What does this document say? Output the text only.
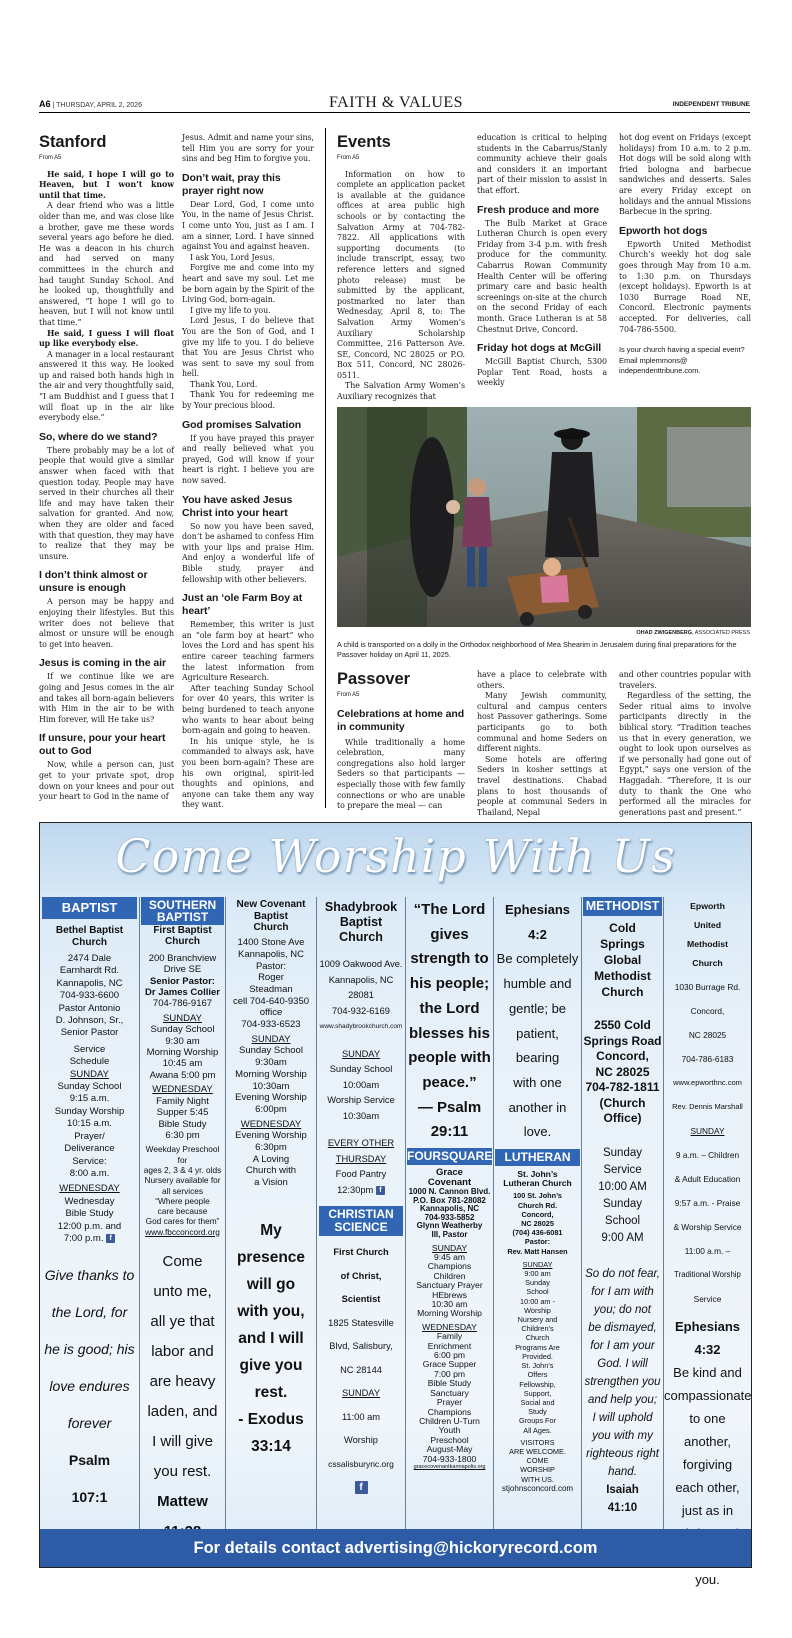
A6 | THURSDAY, APRIL 2, 2026	FAITH & VALUES	INDEPENDENT TRIBUNE
Stanford
From A5

He said, I hope I will go to Heaven, but I won’t know until that time.

A dear friend who was a little older than me, and was close like a brother, gave me these words several years ago before he died. He was a deacon in his church and had served on many committees in the church and had taught Sunday School. And he looked up, thoughtfully and answered, “I hope I will go to heaven, but I will not know until that time.”

He said, I guess I will float up like everybody else.

A manager in a local restaurant answered it this way. He looked up and raised both hands high in the air and very thoughtfully said, “I am Buddhist and I guess that I will float up in the air like everybody else.”

So, where do we stand?

There probably may be a lot of people that would give a similar answer when faced with that question today. People may have served in their churches all their life and may have taken their salvation for granted. And now, when they are older and faced with that question, they may have to realize that they may be unsure.

I don’t think almost or unsure is enough

A person may be happy and enjoying their lifestyles. But this writer does not believe that almost or unsure will be enough to get into heaven.

Jesus is coming in the air

If we continue like we are going and Jesus comes in the air and takes all born-again believers with Him in the air to be with Him forever, will He take us?

If unsure, pour your heart out to God

Now, while a person can, just get to your private spot, drop down on your knees and pour out your heart to God in the name of

Jesus. Admit and name your sins, tell Him you are sorry for your sins and beg Him to forgive you.

Don’t wait, pray this prayer right now

Dear Lord, God, I come unto You, in the name of Jesus Christ. I come unto You, just as I am. I am a sinner, Lord. I have sinned against You and against heaven.

I ask You, Lord Jesus.

Forgive me and come into my heart and save my soul. Let me be born again by the Spirit of the Living God, born-again.

I give my life to you.

Lord Jesus, I do believe that You are the Son of God, and I give my life to you. I do believe that You are Jesus Christ who was sent to save my soul from hell.

Thank You, Lord.

Thank You for redeeming me by Your precious blood.

God promises Salvation

If you have prayed this prayer and really believed what you prayed, God will know if your heart is right. I believe you are now saved.

You have asked Jesus Christ into your heart

So now you have been saved, don’t be ashamed to confess Him with your lips and praise Him. And enjoy a wonderful life of Bible study, prayer and fellowship with other believers.

Just an ‘ole Farm Boy at heart’

Remember, this writer is just an “ole farm boy at heart” who loves the Lord and has spent his entire career teaching farmers the latest information from Agriculture Research.

After teaching Sunday School for over 40 years, this writer is being burdened to teach anyone who wants to hear about being born-again and going to heaven.

In his unique style, he is commanded to always ask, have you been born-again? These are his own original, spirit-led thoughts and opinions, and anyone can take them any way they want.

Events
From A5

Information on how to complete an application packet is available at the guidance offices at area public high schools or by contacting the Salvation Army at 704-782-7822. All applications with supporting documents (to include transcript, essay, two reference letters and signed photo release) must be submitted by the applicant, postmarked no later than Wednesday, April 8, to: The Salvation Army Women’s Auxiliary Scholarship Committee, 216 Patterson Ave. SE, Concord, NC 28025 or P.O. Box 511, Concord, NC 28026-0511.

The Salvation Army Women’s Auxiliary recognizes that

education is critical to helping students in the Cabarrus/Stanly community achieve their goals and considers it an important part of their mission to assist in that effort.

Fresh produce and more

The Bulb Market at Grace Lutheran Church is open every Friday from 3-4 p.m. with fresh produce for the community. Cabarrus Rowan Community Health Center will be offering primary care and basic health screenings on-site at the church on the second Friday of each month. Grace Lutheran is at 58 Chestnut Drive, Concord.

Friday hot dogs at McGill

McGill Baptist Church, 5300 Poplar Tent Road, hosts a weekly

hot dog event on Fridays (except holidays) from 10 a.m. to 2 p.m. Hot dogs will be sold along with fried bologna and barbecue sandwiches and desserts. Sales are every Friday except on holidays and the annual Missions Barbecue in the spring.

Epworth hot dogs

Epworth United Methodist Church’s weekly hot dog sale goes through May from 10 a.m. to 1:30 p.m. on Thursdays (except holidays). Epworth is at 1030 Burrage Road NE, Concord. Electronic payments accepted. For deliveries, call 704-786-5500.

Is your church having a special event? Email mplemmons@ independenttribune.com.

OHAD ZWIGENBERG, ASSOCIATED PRESS
A child is transported on a dolly in the Orthodox neighborhood of Mea Shearim in Jerusalem during final preparations for the Passover holiday on April 11, 2025.
Passover
From A5
Celebrations at home and in community

While traditionally a home celebration, many congregations also hold larger Seders so that participants — especially those with few family connections or who are unable to prepare the meal — can

have a place to celebrate with others.

Many Jewish community, cultural and campus centers host Passover gatherings. Some participants go to both communal and home Seders on different nights.

Some hotels are offering Seders in kosher settings at travel destinations. Chabad plans to host thousands of people at communal Seders in Thailand, Nepal

and other countries popular with travelers.

Regardless of the setting, the Seder ritual aims to involve participants directly in the biblical story. “Tradition teaches us that in every generation, we ought to look upon ourselves as if we personally had gone out of Egypt,” says one version of the Haggadah. “Therefore, it is our duty to thank the One who performed all the miracles for generations past and present.”

Come Worship With Us
BAPTIST
Bethel Baptist Church
2474 Dale
Earnhardt Rd.
Kannapolis, NC
704-933-6600
Pastor Antonio
D. Johnson, Sr.,
Senior Pastor
Service
Schedule
SUNDAY
Sunday School
9:15 a.m.
Sunday Worship
10:15 a.m.
Prayer/
Deliverance
Service:
8:00 a.m.
WEDNESDAY
Wednesday
Bible Study
12:00 p.m. and
7:00 p.m. f
Give thanks to
the Lord, for
he is good; his
love endures
forever
Psalm
107:1
SOUTHERN
BAPTIST
First Baptist
Church
200 Branchview
Drive SE
Senior Pastor:
Dr James Collier
704-786-9167
SUNDAY
Sunday School
9:30 am
Morning Worship
10:45 am
Awana 5:00 pm
WEDNESDAY
Family Night
Supper 5:45
Bible Study
6:30 pm
Weekday Preschool for
ages 2, 3 & 4 yr. olds
Nursery available for
all services
“Where people
care because
God cares for them”
www.fbcconcord.org
Come
unto me,
all ye that
labor and
are heavy
laden, and
I will give
you rest.
Mattew
New Covenant
Baptist
Church
1400 Stone Ave
Kannapolis, NC
Pastor:
Roger
Steadman
cell 704-640-9350
office
704-933-6523
SUNDAY
Sunday School
9:30am
Morning Worship
10:30am
Evening Worship
6:00pm
WEDNESDAY
Evening Worship
6:30pm
A Loving
Church with
a Vision
My
presence
will go
with you,
and I will
give you
rest.
- Exodus
33:14
Shadybrook
Baptist
Church
1009 Oakwood Ave.
Kannapolis, NC
28081
704-932-6169
www.shadybrookchurch.com
SUNDAY
Sunday School
10:00am
Worship Service
10:30am
EVERY OTHER
THURSDAY
Food Pantry
12:30pm f
CHRISTIAN
SCIENCE
First Church
of Christ,
Scientist
1825 Statesville
Blvd, Salisbury,
NC 28144
SUNDAY
11:00 am
Worship
cssalisburync.org
f
“The Lord
gives
strength to
his people;
the Lord
blesses his
people with
peace.”
— Psalm
29:11
FOURSQUARE
Grace
Covenant
1000 N. Cannon Blvd.
P.O. Box 781-28082
Kannapolis, NC
704-933-5852
Glynn Weatherby
III, Pastor
SUNDAY
9:45 am
Champions
Children
Sanctuary Prayer
HEbrews
10:30 am
Morning Worship
WEDNESDAY
Family
Enrichment
6:00 pm
Grace Supper
7:00 pm
Bible Study
Sanctuary
Prayer
Champions
Children U-Turn
Youth
Preschool
August-May
704-933-1800
gracecovenantkannapolis.org
Ephesians
4:2
Be completely
humble and
gentle; be
patient,
bearing
with one
another in
love.
LUTHERAN
St. John’s
Lutheran Church
100 St. John’s
Church Rd.
Concord,
NC 28025
(704) 436-6081
Pastor:
Rev. Matt Hansen
SUNDAY
9:00 am
Sunday
School
10:00 am -
Worship
Nursery and
Children’s
Church
Programs Are
Provided.
St. John’s
Offers
Fellowship,
Support,
Social and
Study
Groups For
All Ages.
VISITORS
ARE WELCOME.
COME
WORSHIP
WITH US.
stjohnsconcord.com
METHODIST
Cold
Springs
Global
Methodist
Church
2550 Cold
Springs Road
Concord,
NC 28025
704-782-1811
(Church Office)
Sunday
Service
10:00 AM
Sunday
School
9:00 AM
So do not fear,
for I am with
you; do not
be dismayed,
for I am your
God. I will
strengthen you
and help you;
I will uphold
you with my
righteous right
hand.
Isaiah
41:10
Epworth
United
Methodist
Church
1030 Burrage Rd.
Concord,
NC 28025
704-786-6183
www.epworthnc.com
Rev. Dennis Marshall
SUNDAY
9 a.m. – Children
& Adult Education
9:57 a.m. - Praise
& Worship Service
11:00 a.m. –
Traditional Worship
Service
Ephesians
4:32
Be kind and
compassionate
to one
another,
forgiving
each other,
just as in
you.
For details contact advertising@hickoryrecord.com
